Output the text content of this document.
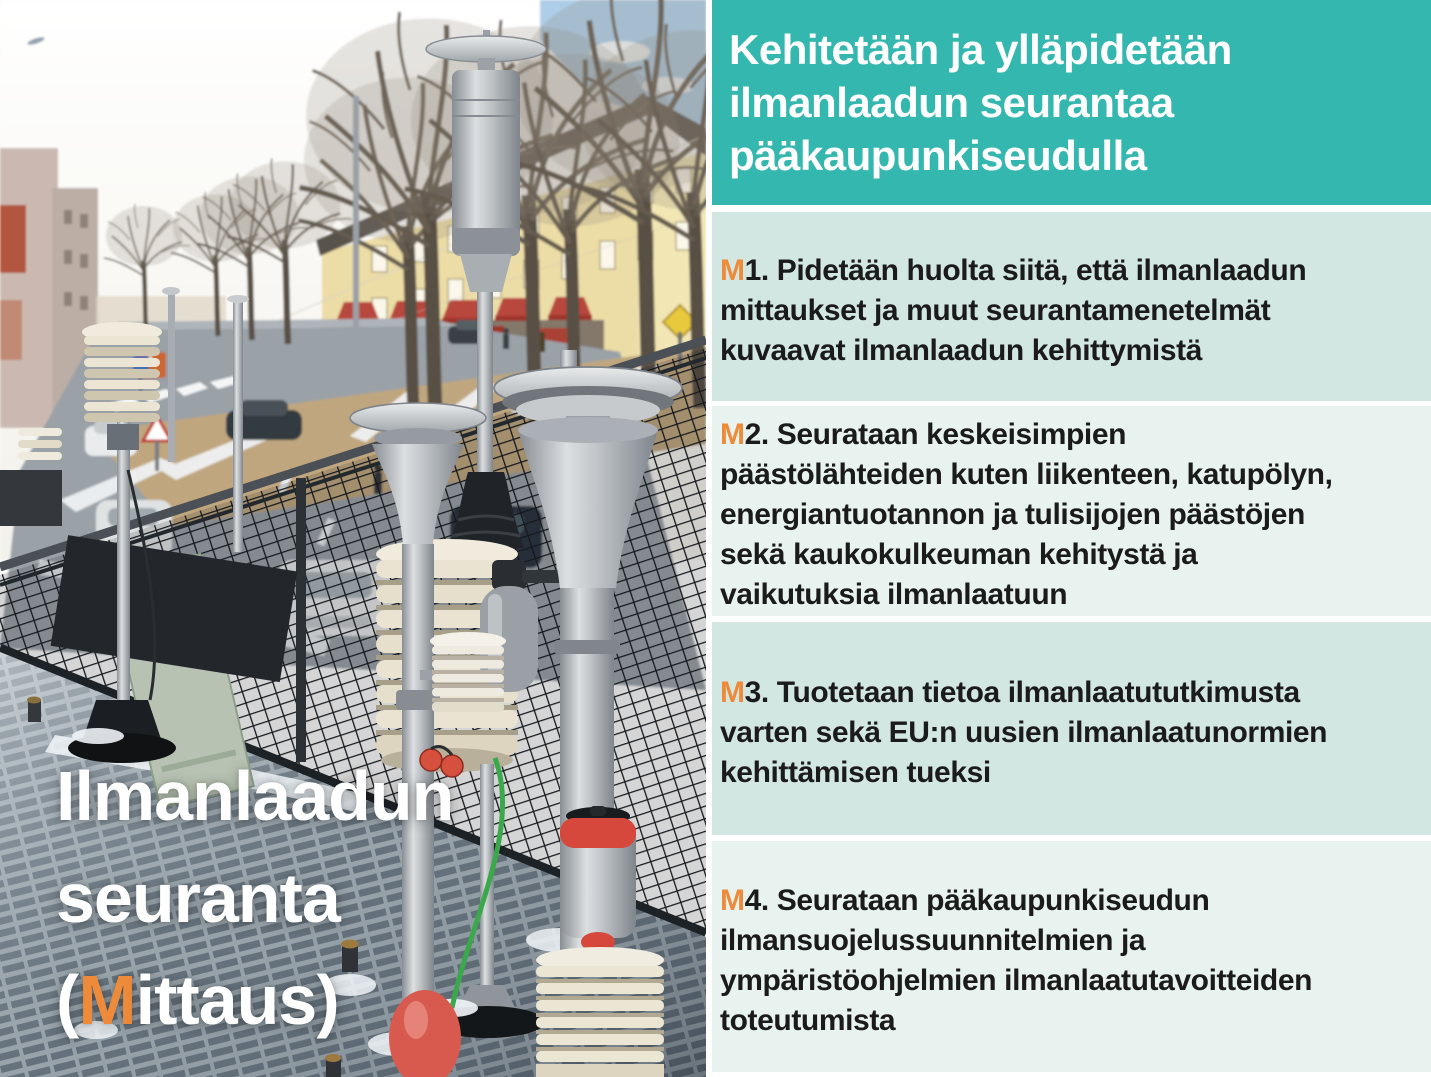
Ilmanlaadun
seuranta
(Mittaus)
Kehitetään ja ylläpidetään
ilmanlaadun seurantaa
pääkaupunkiseudulla
M1. Pidetään huolta siitä, että ilmanlaadun
mittaukset ja muut seurantamenetelmät
kuvaavat ilmanlaadun kehittymistä
M2. Seurataan keskeisimpien
päästölähteiden kuten liikenteen, katupölyn,
energiantuotannon ja tulisijojen päästöjen
sekä kaukokulkeuman kehitystä ja
vaikutuksia ilmanlaatuun
M3. Tuotetaan tietoa ilmanlaatututkimusta
varten sekä EU:n uusien ilmanlaatunormien
kehittämisen tueksi
M4. Seurataan pääkaupunkiseudun
ilmansuojelussuunnitelmien ja
ympäristöohjelmien ilmanlaatutavoitteiden
toteutumista
